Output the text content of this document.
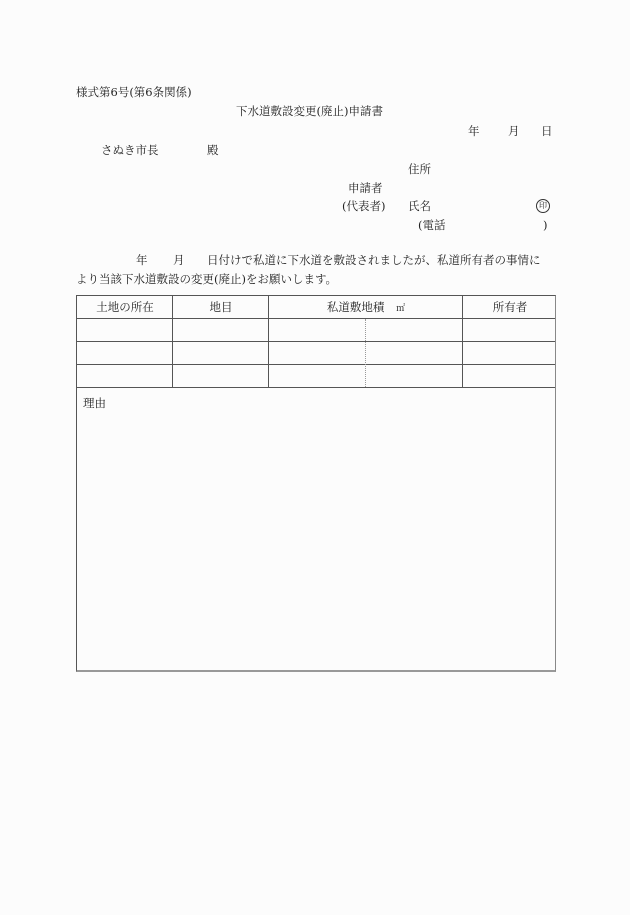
様式第6号(第6条関係)
下水道敷設変更(廃止)申請書
年 月 日
さぬき市長	殿
住所
申請者
(代表者) 氏名	印
(電話	)
年 月 日付けで私道に下水道を敷設されましたが、私道所有者の事情に
より当該下水道敷設の変更(廃止)をお願いします。
土地の所在	地目	私道敷地積 ㎡	所有者
理由
